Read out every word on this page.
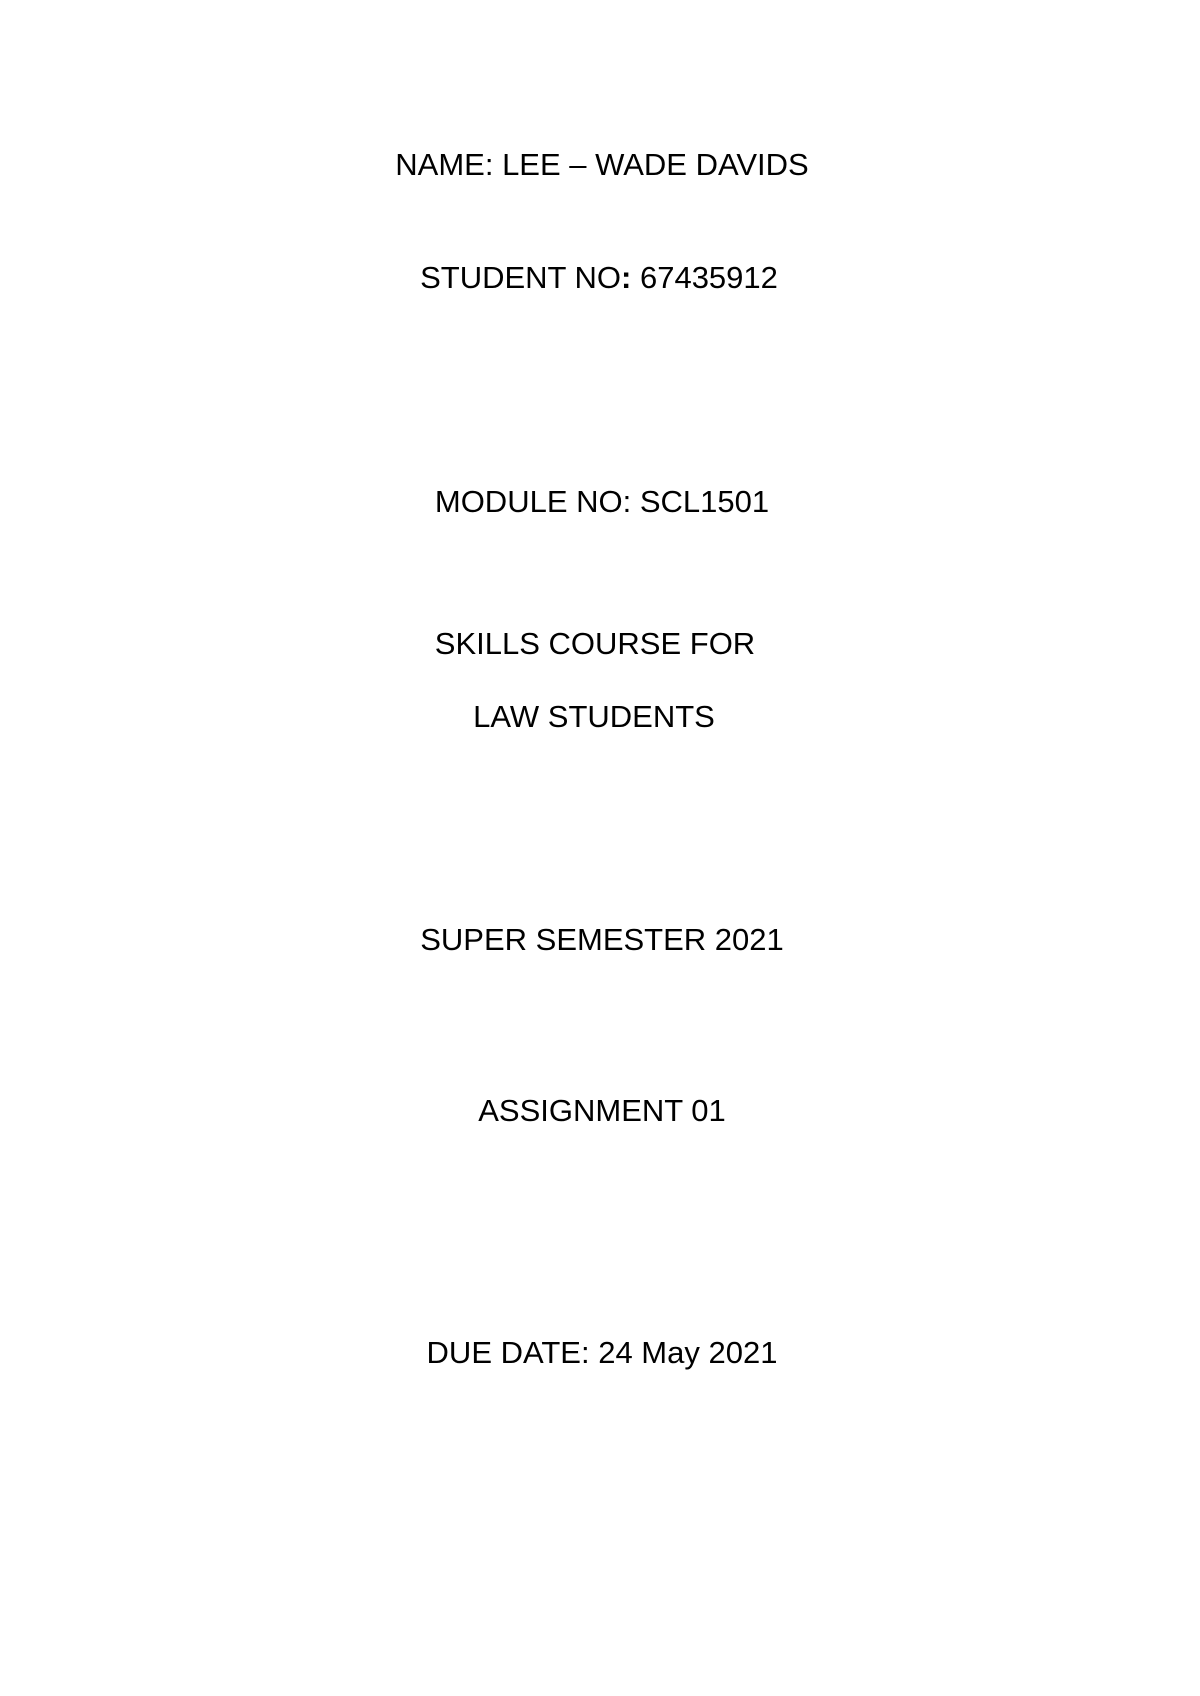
NAME: LEE – WADE DAVIDS
STUDENT NO: 67435912
MODULE NO: SCL1501
SKILLS COURSE FOR
LAW STUDENTS
SUPER SEMESTER 2021
ASSIGNMENT 01
DUE DATE: 24 May 2021
